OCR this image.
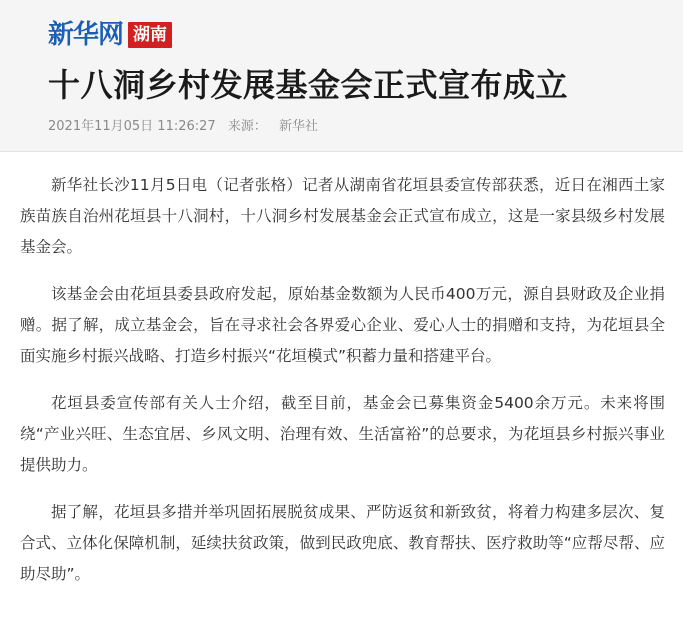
新华网 湖南
十八洞乡村发展基金会正式宣布成立
2021年11月05日 11:26:27 来源： 新华社

新华社长沙11月5日电（记者张格）记者从湖南省花垣县委宣传部获悉，近日在湘西土家族苗族自治州花垣县十八洞村，十八洞乡村发展基金会正式宣布成立，这是一家县级乡村发展基金会。

该基金会由花垣县委县政府发起，原始基金数额为人民币400万元，源自县财政及企业捐赠。据了解，成立基金会，旨在寻求社会各界爱心企业、爱心人士的捐赠和支持，为花垣县全面实施乡村振兴战略、打造乡村振兴“花垣模式”积蓄力量和搭建平台。

花垣县委宣传部有关人士介绍，截至目前，基金会已募集资金5400余万元。未来将围绕“产业兴旺、生态宜居、乡风文明、治理有效、生活富裕”的总要求，为花垣县乡村振兴事业提供助力。

据了解，花垣县多措并举巩固拓展脱贫成果、严防返贫和新致贫，将着力构建多层次、复合式、立体化保障机制，延续扶贫政策，做到民政兜底、教育帮扶、医疗救助等“应帮尽帮、应助尽助”。
